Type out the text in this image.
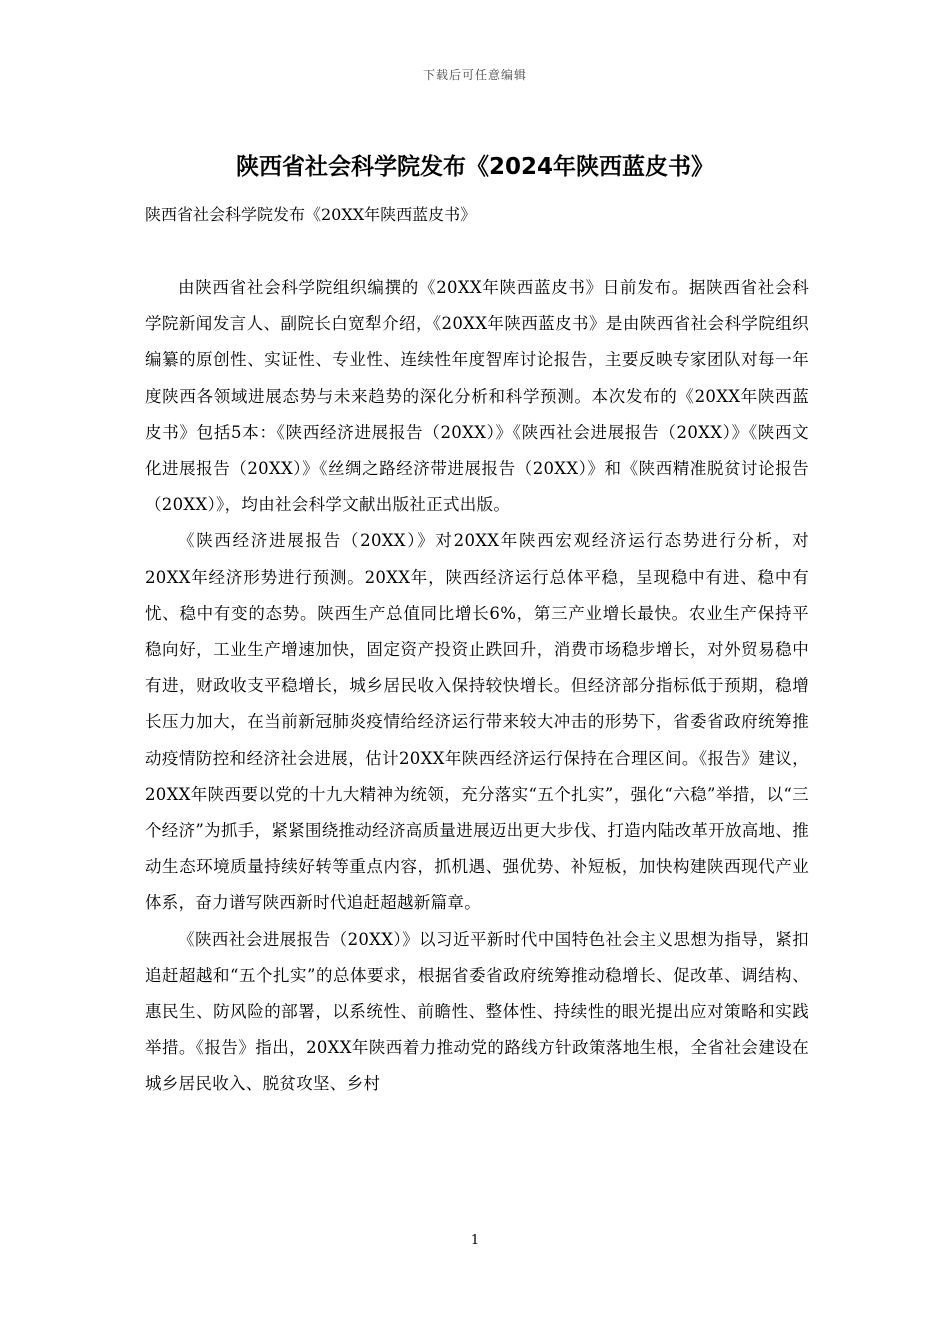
下载后可任意编辑
陕西省社会科学院发布《2024年陕西蓝皮书》

陕西省社会科学院发布《20XX年陕西蓝皮书》

由陕西省社会科学院组织编撰的《20XX年陕西蓝皮书》日前发布。据陕西省社会科学院新闻发言人、副院长白宽犁介绍，《20XX年陕西蓝皮书》是由陕西省社会科学院组织编纂的原创性、实证性、专业性、连续性年度智库讨论报告，主要反映专家团队对每一年度陕西各领域进展态势与未来趋势的深化分析和科学预测。本次发布的《20XX年陕西蓝皮书》包括5本：《陕西经济进展报告（20XX）》《陕西社会进展报告（20XX）》《陕西文化进展报告（20XX）》《丝绸之路经济带进展报告（20XX）》和《陕西精准脱贫讨论报告（20XX）》，均由社会科学文献出版社正式出版。

《陕西经济进展报告（20XX）》对20XX年陕西宏观经济运行态势进行分析，对20XX年经济形势进行预测。20XX年，陕西经济运行总体平稳，呈现稳中有进、稳中有忧、稳中有变的态势。陕西生产总值同比增长6%，第三产业增长最快。农业生产保持平稳向好，工业生产增速加快，固定资产投资止跌回升，消费市场稳步增长，对外贸易稳中有进，财政收支平稳增长，城乡居民收入保持较快增长。但经济部分指标低于预期，稳增长压力加大，在当前新冠肺炎疫情给经济运行带来较大冲击的形势下，省委省政府统筹推动疫情防控和经济社会进展，估计20XX年陕西经济运行保持在合理区间。《报告》建议，20XX年陕西要以党的十九大精神为统领，充分落实“五个扎实”，强化“六稳”举措，以“三个经济”为抓手，紧紧围绕推动经济高质量进展迈出更大步伐、打造内陆改革开放高地、推动生态环境质量持续好转等重点内容，抓机遇、强优势、补短板，加快构建陕西现代产业体系，奋力谱写陕西新时代追赶超越新篇章。

《陕西社会进展报告（20XX）》以习近平新时代中国特色社会主义思想为指导，紧扣追赶超越和“五个扎实”的总体要求，根据省委省政府统筹推动稳增长、促改革、调结构、惠民生、防风险的部署，以系统性、前瞻性、整体性、持续性的眼光提出应对策略和实践举措。《报告》指出，20XX年陕西着力推动党的路线方针政策落地生根，全省社会建设在城乡居民收入、脱贫攻坚、乡村

1
